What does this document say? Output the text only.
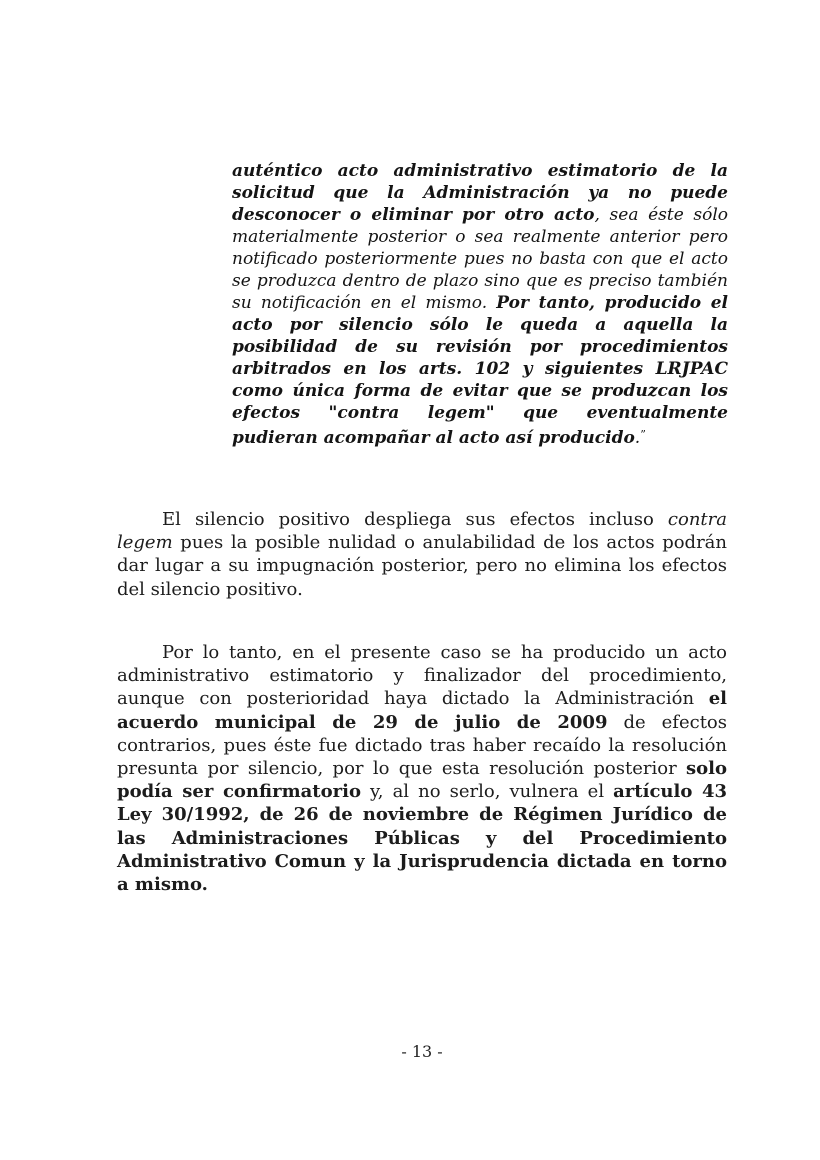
auténtico acto administrativo estimatorio de la solicitud que la Administración ya no puede desconocer o eliminar por otro acto, sea éste sólo materialmente posterior o sea realmente anterior pero notificado posteriormente pues no basta con que el acto se produzca dentro de plazo sino que es preciso también su notificación en el mismo. Por tanto, producido el acto por silencio sólo le queda a aquella la posibilidad de su revisión por procedimientos arbitrados en los arts. 102 y siguientes LRJPAC como única forma de evitar que se produzcan los efectos "contra legem" que eventualmente pudieran acompañar al acto así producido.”
El silencio positivo despliega sus efectos incluso contra legem pues la posible nulidad o anulabilidad de los actos podrán dar lugar a su impugnación posterior, pero no elimina los efectos del silencio positivo.
Por lo tanto, en el presente caso se ha producido un acto administrativo estimatorio y finalizador del procedimiento, aunque con posterioridad haya dictado la Administración el acuerdo municipal de 29 de julio de 2009 de efectos contrarios, pues éste fue dictado tras haber recaído la resolución presunta por silencio, por lo que esta resolución posterior solo podía ser confirmatorio y, al no serlo, vulnera el artículo 43 Ley 30/1992, de 26 de noviembre de Régimen Jurídico de las Administraciones Públicas y del Procedimiento Administrativo Comun y la Jurisprudencia dictada en torno a mismo.
- 13 -
